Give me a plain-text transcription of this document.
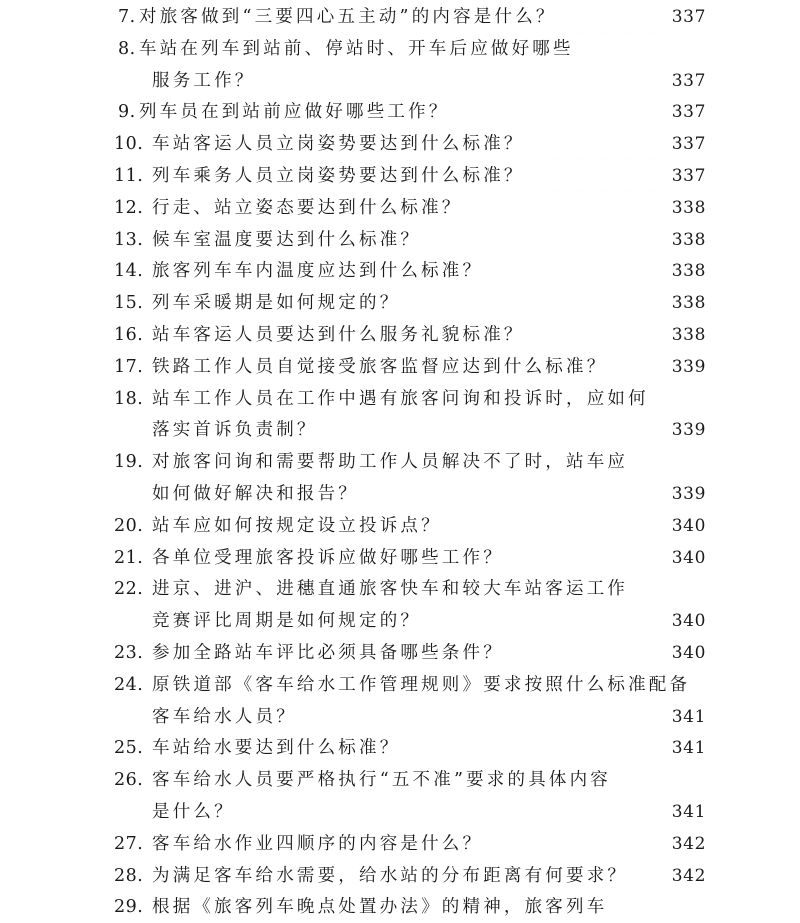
7. 对旅客做到“三要四心五主动”的内容是什么？	337
8. 车站在列车到站前、停站时、开车后应做好哪些
服务工作？	337
9. 列车员在到站前应做好哪些工作？	337
10. 车站客运人员立岗姿势要达到什么标准？	337
11. 列车乘务人员立岗姿势要达到什么标准？	337
12. 行走、站立姿态要达到什么标准？	338
13. 候车室温度要达到什么标准？	338
14. 旅客列车车内温度应达到什么标准？	338
15. 列车采暖期是如何规定的？	338
16. 站车客运人员要达到什么服务礼貌标准？	338
17. 铁路工作人员自觉接受旅客监督应达到什么标准？	339
18. 站车工作人员在工作中遇有旅客问询和投诉时，应如何
落实首诉负责制？	339
19. 对旅客问询和需要帮助工作人员解决不了时，站车应
如何做好解决和报告？	339
20. 站车应如何按规定设立投诉点？	340
21. 各单位受理旅客投诉应做好哪些工作？	340
22. 进京、进沪、进穗直通旅客快车和较大车站客运工作
竞赛评比周期是如何规定的？	340
23. 参加全路站车评比必须具备哪些条件？	340
24. 原铁道部《客车给水工作管理规则》要求按照什么标准配备
客车给水人员？	341
25. 车站给水要达到什么标准？	341
26. 客车给水人员要严格执行“五不准”要求的具体内容
是什么？	341
27. 客车给水作业四顺序的内容是什么？	342
28. 为满足客车给水需要，给水站的分布距离有何要求？	342
29. 根据《旅客列车晚点处置办法》的精神，旅客列车
